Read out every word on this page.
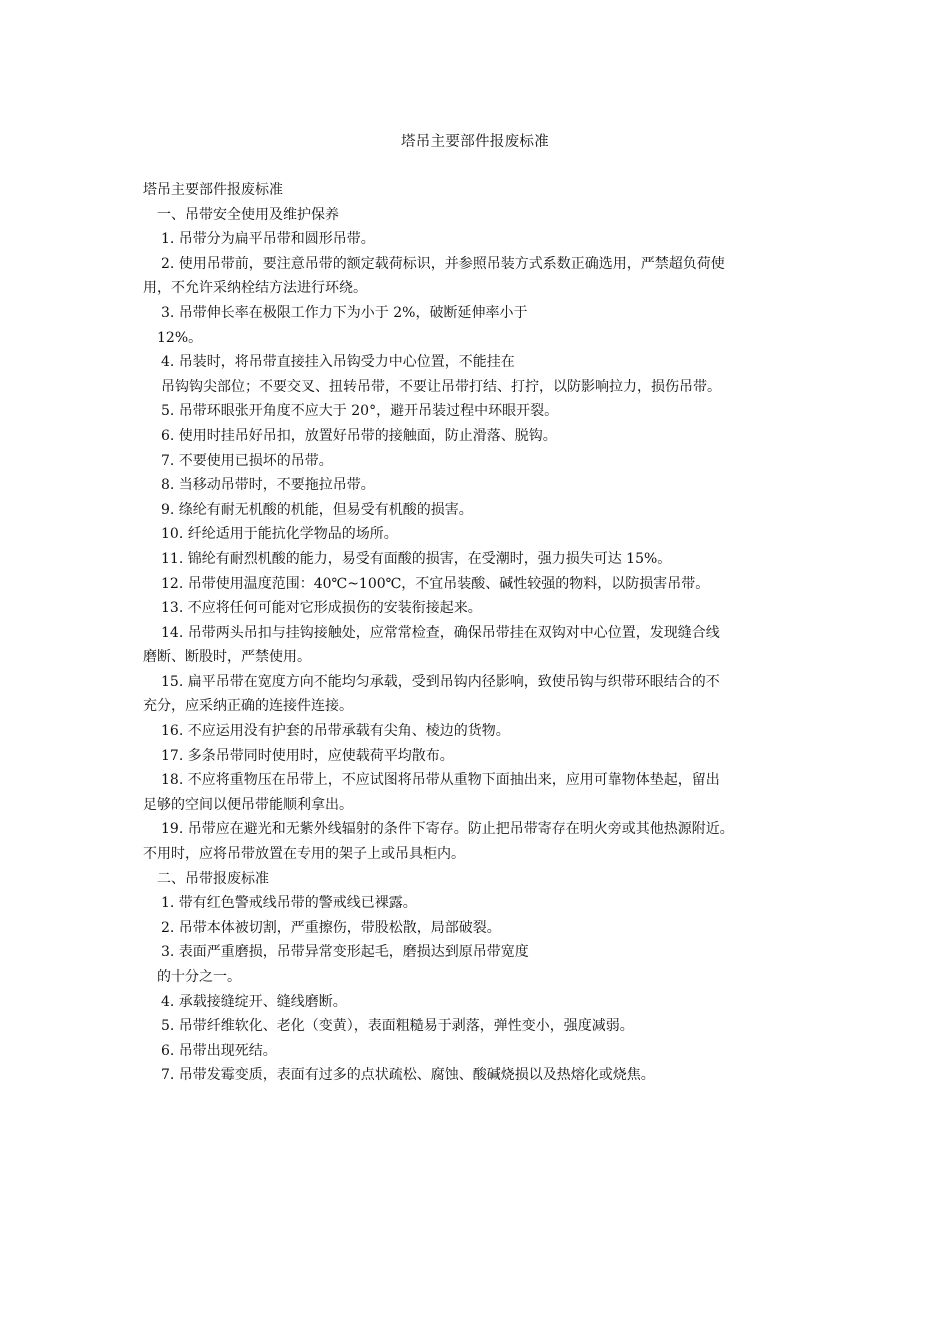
塔吊主要部件报废标准
塔吊主要部件报废标准
一、吊带安全使用及维护保养
1. 吊带分为扁平吊带和圆形吊带。
2. 使用吊带前，要注意吊带的额定载荷标识，并参照吊装方式系数正确选用，严禁超负荷使
用，不允许采纳栓结方法进行环绕。
3. 吊带伸长率在极限工作力下为小于 2%，破断延伸率小于
12%。
4. 吊装时，将吊带直接挂入吊钩受力中心位置，不能挂在
吊钩钩尖部位；不要交叉、扭转吊带，不要让吊带打结、打拧，以防影响拉力，损伤吊带。
5. 吊带环眼张开角度不应大于 20°，避开吊装过程中环眼开裂。
6. 使用时挂吊好吊扣，放置好吊带的接触面，防止滑落、脱钩。
7. 不要使用已损坏的吊带。
8. 当移动吊带时，不要拖拉吊带。
9. 绦纶有耐无机酸的机能，但易受有机酸的损害。
10. 纤纶适用于能抗化学物品的场所。
11. 锦纶有耐烈机酸的能力，易受有面酸的损害，在受潮时，强力损失可达 15%。
12. 吊带使用温度范围：40℃~100℃，不宜吊装酸、碱性较强的物料，以防损害吊带。
13. 不应将任何可能对它形成损伤的安装衔接起来。
14. 吊带两头吊扣与挂钩接触处，应常常检查，确保吊带挂在双钩对中心位置，发现缝合线
磨断、断股时，严禁使用。
15. 扁平吊带在宽度方向不能均匀承载，受到吊钩内径影响，致使吊钩与织带环眼结合的不
充分，应采纳正确的连接件连接。
16. 不应运用没有护套的吊带承载有尖角、棱边的货物。
17. 多条吊带同时使用时，应使载荷平均散布。
18. 不应将重物压在吊带上，不应试图将吊带从重物下面抽出来，应用可靠物体垫起，留出
足够的空间以便吊带能顺利拿出。
19. 吊带应在避光和无紫外线辐射的条件下寄存。防止把吊带寄存在明火旁或其他热源附近。
不用时，应将吊带放置在专用的架子上或吊具柜内。
二、吊带报废标准
1. 带有红色警戒线吊带的警戒线已裸露。
2. 吊带本体被切割，严重擦伤，带股松散，局部破裂。
3. 表面严重磨损，吊带异常变形起毛，磨损达到原吊带宽度
的十分之一。
4. 承载接缝绽开、缝线磨断。
5. 吊带纤维软化、老化（变黄），表面粗糙易于剥落，弹性变小，强度减弱。
6. 吊带出现死结。
7. 吊带发霉变质，表面有过多的点状疏松、腐蚀、酸碱烧损以及热熔化或烧焦。
